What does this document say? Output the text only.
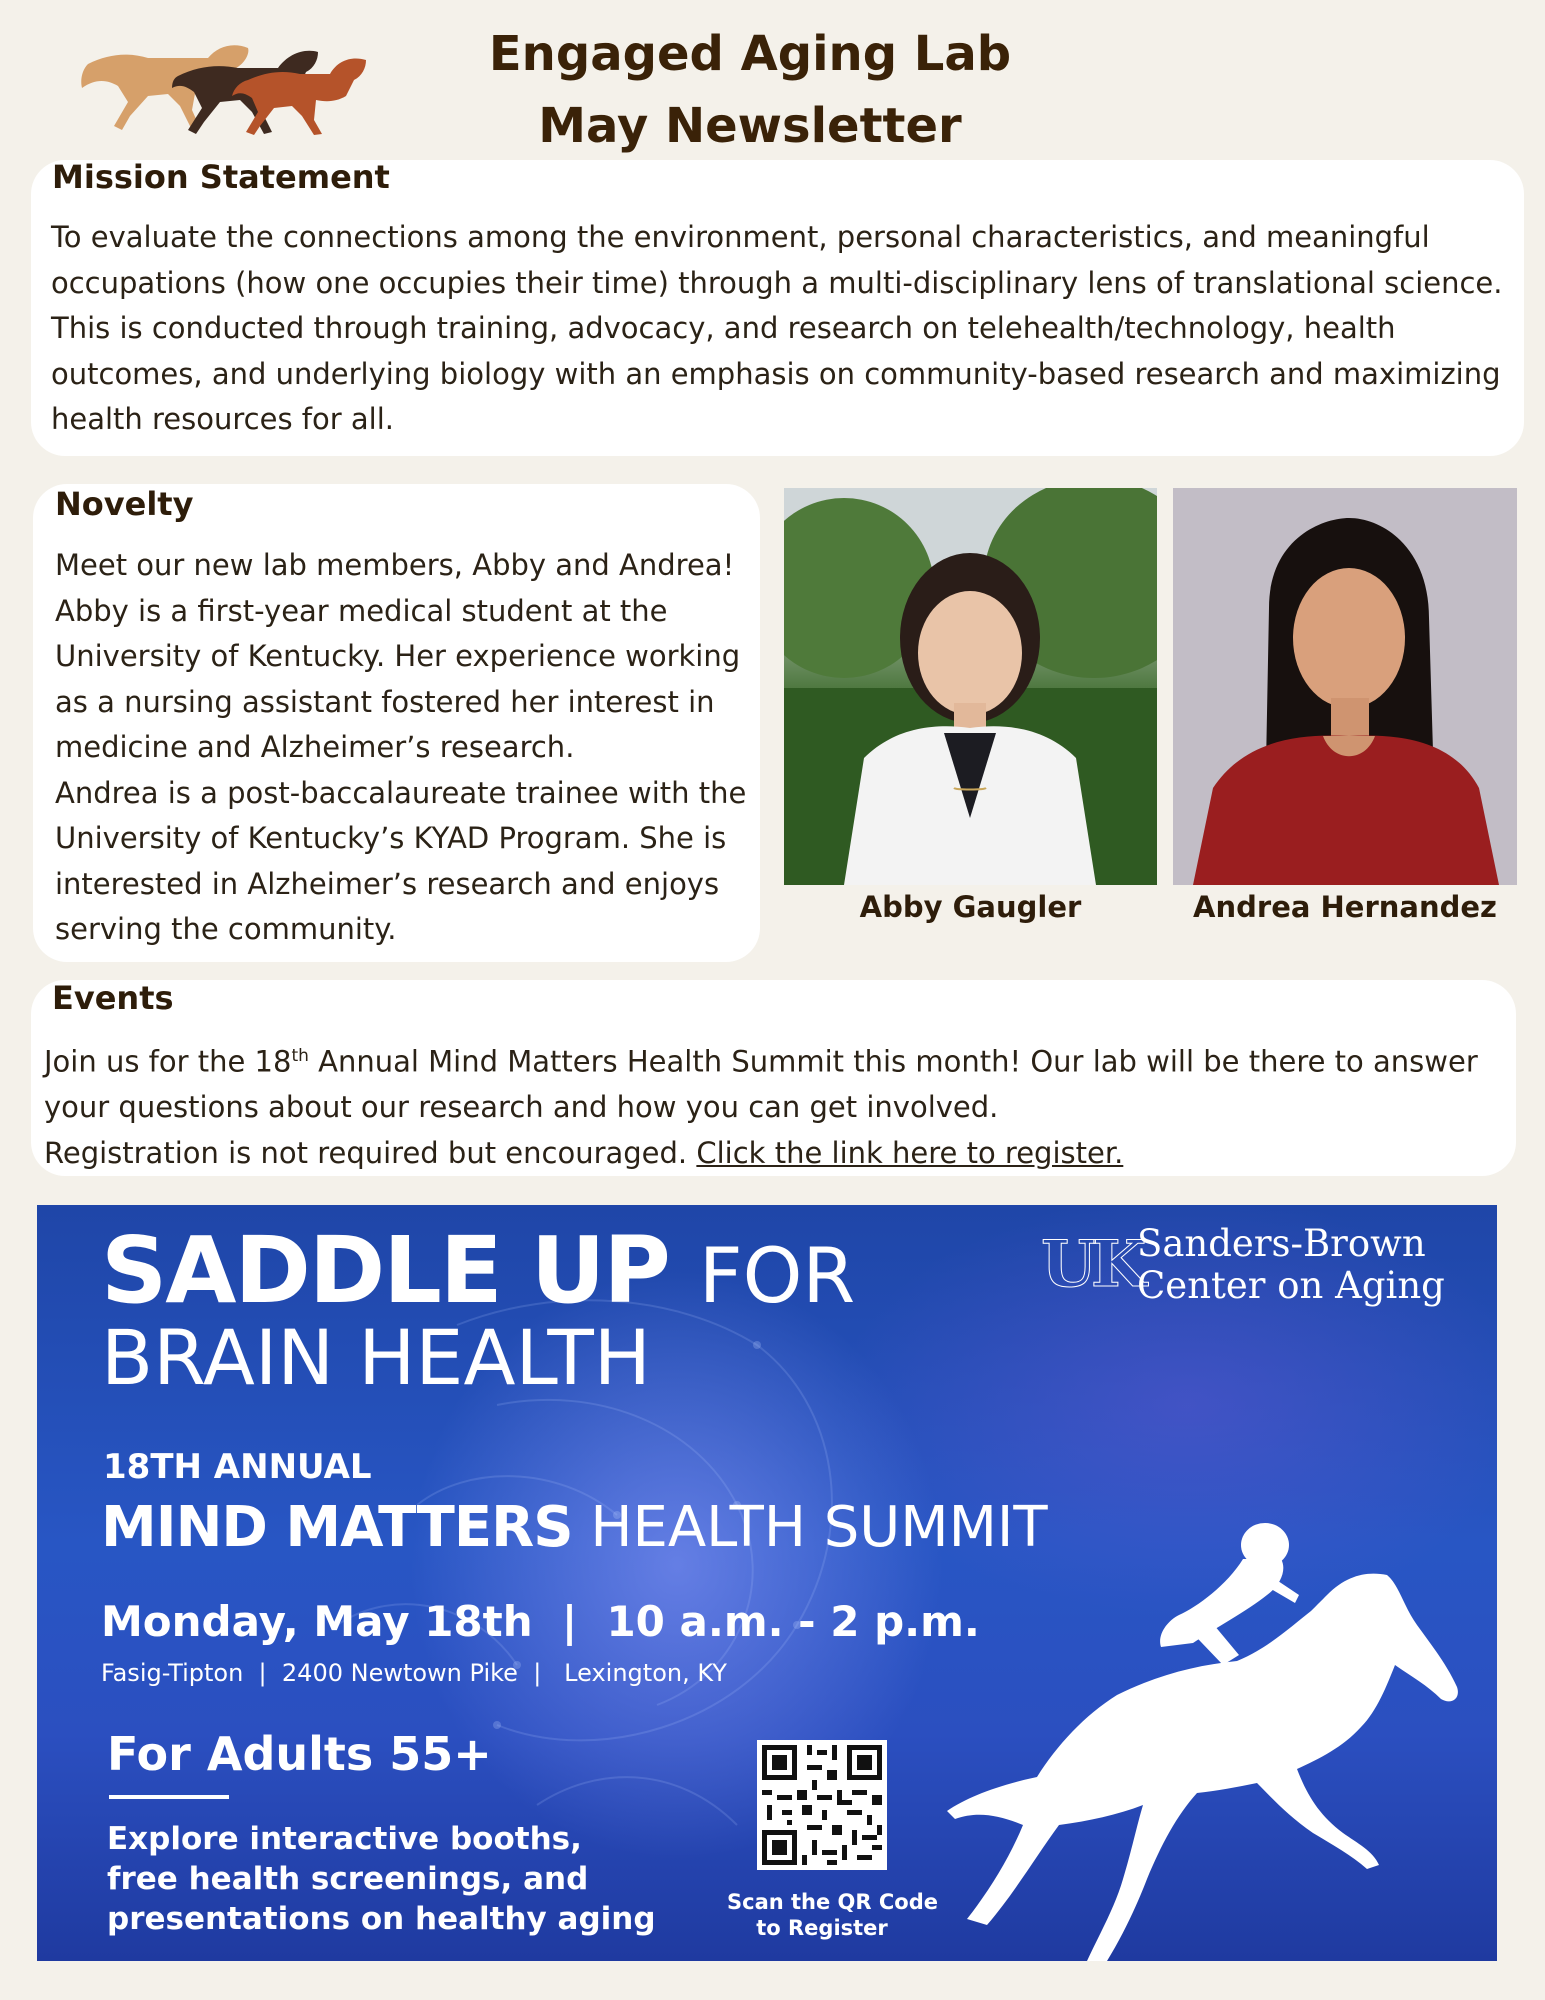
Engaged Aging Lab
May Newsletter
Mission Statement
To evaluate the connections among the environment, personal characteristics, and meaningful occupations (how one occupies their time) through a multi-disciplinary lens of translational science. This is conducted through training, advocacy, and research on telehealth/technology, health outcomes, and underlying biology with an emphasis on community-based research and maximizing health resources for all.
Novelty

Meet our new lab members, Abby and Andrea! Abby is a first-year medical student at the University of Kentucky. Her experience working as a nursing assistant fostered her interest in medicine and Alzheimer’s research.

Andrea is a post-baccalaureate trainee with the University of Kentucky’s KYAD Program. She is interested in Alzheimer’s research and enjoys serving the community.

Abby Gaugler	Andrea Hernandez
Events

Join us for the 18th Annual Mind Matters Health Summit this month! Our lab will be there to answer your questions about our research and how you can get involved.

Registration is not required but encouraged. Click the link here to register.

SADDLE UP FOR
BRAIN HEALTH
18TH ANNUAL
MIND MATTERS HEALTH SUMMIT
Monday, May 18th  |  10 a.m. - 2 p.m.
Fasig-Tipton  |  2400 Newtown Pike  |   Lexington, KY
For Adults 55+
Explore interactive booths,
free health screenings, and
presentations on healthy aging	Scan the QR Code
to Register
UK
Sanders-Brown
Center on Aging
